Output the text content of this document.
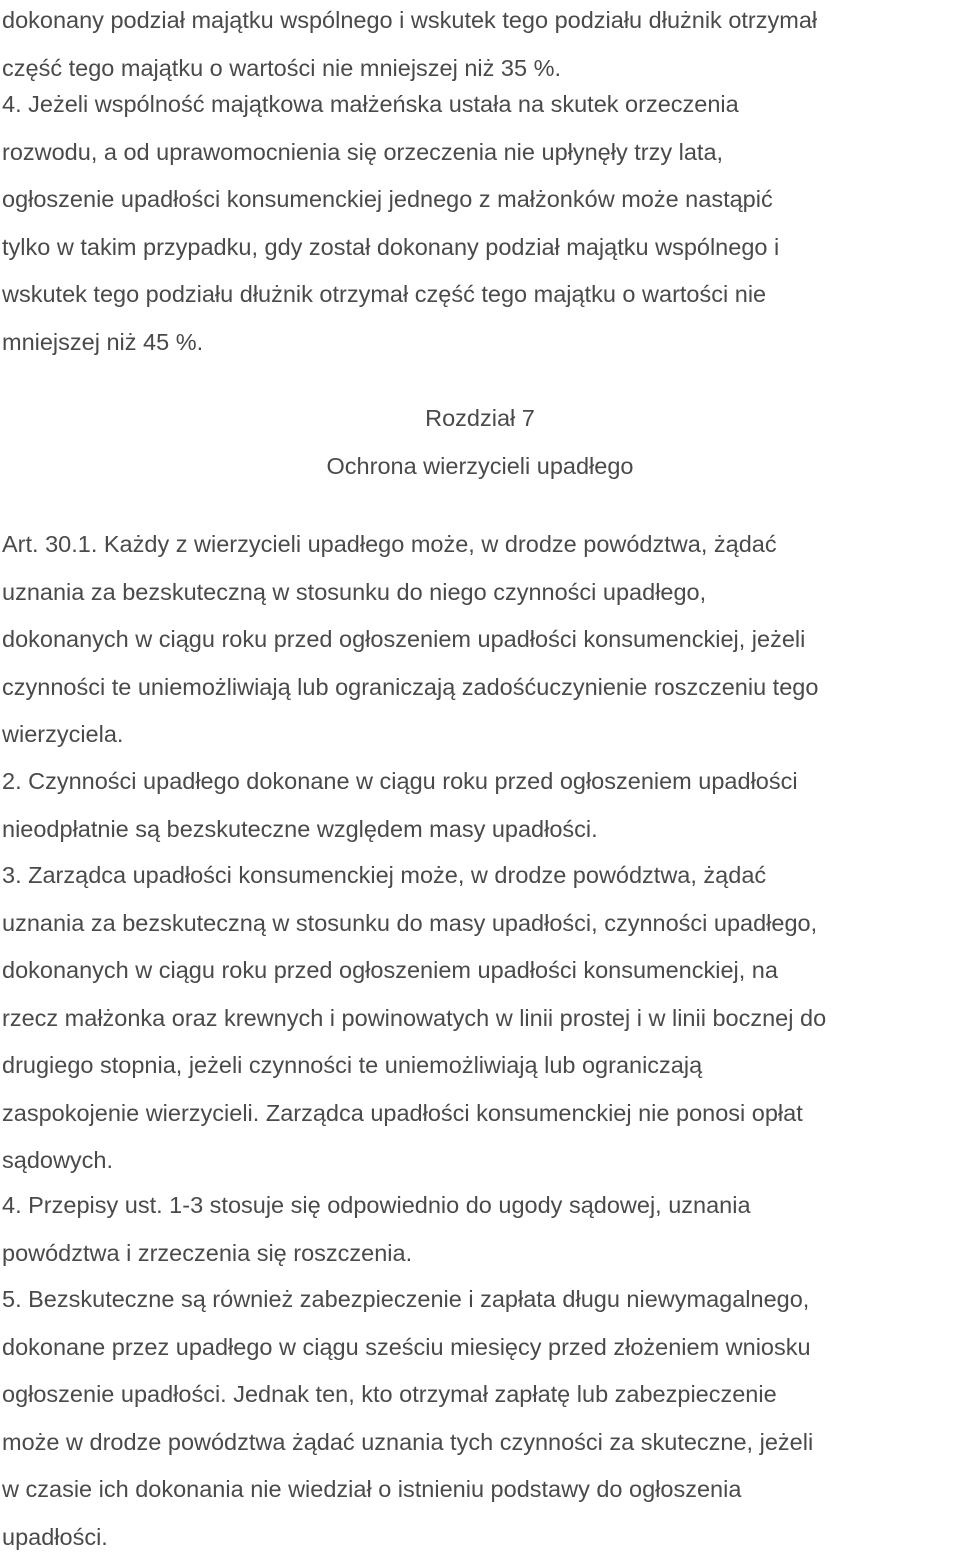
dokonany podział majątku wspólnego i wskutek tego podziału dłużnik otrzymał
część tego majątku o wartości nie mniejszej niż 35 %.
4. Jeżeli wspólność majątkowa małżeńska ustała na skutek orzeczenia
rozwodu, a od uprawomocnienia się orzeczenia nie upłynęły trzy lata,
ogłoszenie upadłości konsumenckiej jednego z małżonków może nastąpić
tylko w takim przypadku, gdy został dokonany podział majątku wspólnego i
wskutek tego podziału dłużnik otrzymał część tego majątku o wartości nie
mniejszej niż 45 %.
Rozdział 7
Ochrona wierzycieli upadłego
Art. 30.1. Każdy z wierzycieli upadłego może, w drodze powództwa, żądać
uznania za bezskuteczną w stosunku do niego czynności upadłego,
dokonanych w ciągu roku przed ogłoszeniem upadłości konsumenckiej, jeżeli
czynności te uniemożliwiają lub ograniczają zadośćuczynienie roszczeniu tego
wierzyciela.
2. Czynności upadłego dokonane w ciągu roku przed ogłoszeniem upadłości
nieodpłatnie są bezskuteczne względem masy upadłości.
3. Zarządca upadłości konsumenckiej może, w drodze powództwa, żądać
uznania za bezskuteczną w stosunku do masy upadłości, czynności upadłego,
dokonanych w ciągu roku przed ogłoszeniem upadłości konsumenckiej, na
rzecz małżonka oraz krewnych i powinowatych w linii prostej i w linii bocznej do
drugiego stopnia, jeżeli czynności te uniemożliwiają lub ograniczają
zaspokojenie wierzycieli. Zarządca upadłości konsumenckiej nie ponosi opłat
sądowych.
4. Przepisy ust. 1-3 stosuje się odpowiednio do ugody sądowej, uznania
powództwa i zrzeczenia się roszczenia.
5. Bezskuteczne są również zabezpieczenie i zapłata długu niewymagalnego,
dokonane przez upadłego w ciągu sześciu miesięcy przed złożeniem wniosku
ogłoszenie upadłości. Jednak ten, kto otrzymał zapłatę lub zabezpieczenie
może w drodze powództwa żądać uznania tych czynności za skuteczne, jeżeli
w czasie ich dokonania nie wiedział o istnieniu podstawy do ogłoszenia
upadłości.
